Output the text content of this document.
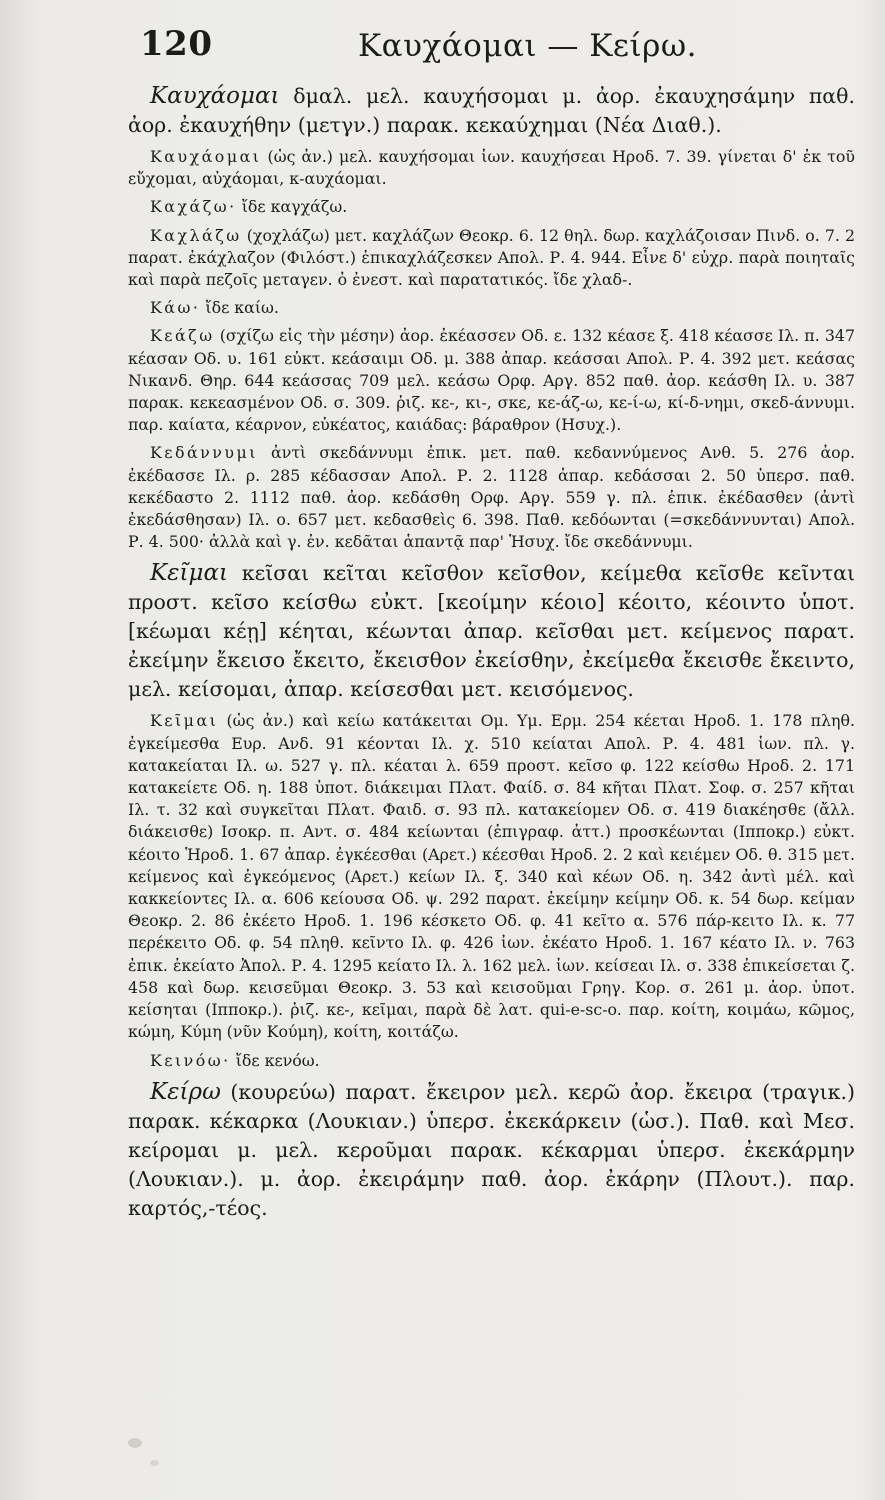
120	Καυχάομαι — Κείρω.

Καυχάομαι δμαλ. μελ. καυχήσομαι μ. ἀορ. ἐκαυχησάμην παθ. ἀορ. ἐκαυχήθην (μετγν.) παρακ. κεκαύχημαι (Νέα Διαθ.).

Καυχάομαι (ὡς ἀν.) μελ. καυχήσομαι ἰων. καυχήσεαι Ηροδ. 7. 39. γίνεται δ' ἐκ τοῦ εὔχομαι, αὐχάομαι, κ-αυχάομαι.

Καχάζω· ἴδε καγχάζω.

Καχλάζω (χοχλάζω) μετ. καχλάζων Θεοκρ. 6. 12 θηλ. δωρ. καχλάζοισαν Πινδ. ο. 7. 2 παρατ. ἐκάχλαζον (Φιλόστ.) ἐπικαχλάζεσκεν Απολ. Ρ. 4. 944. Εἶνε δ' εὐχρ. παρὰ ποιηταῖς καὶ παρὰ πεζοῖς μεταγεν. ὁ ἐνεστ. καὶ παρατατικός. ἴδε χλαδ-.

Κάω· ἴδε καίω.

Κεάζω (σχίζω εἰς τὴν μέσην) ἀορ. ἐκέασσεν Οδ. ε. 132 κέασε ξ. 418 κέασσε Ιλ. π. 347 κέασαν Οδ. υ. 161 εὐκτ. κεάσαιμι Οδ. μ. 388 ἀπαρ. κεάσσαι Απολ. Ρ. 4. 392 μετ. κεάσας Νικανδ. Θηρ. 644 κεάσσας 709 μελ. κεάσω Ορφ. Αργ. 852 παθ. ἀορ. κεάσθη Ιλ. υ. 387 παρακ. κεκεασμένον Οδ. σ. 309. ῥιζ. κε-, κι-, σκε, κε-άζ-ω, κε-ί-ω, κί-δ-νημι, σκεδ-άννυμι. παρ. καίατα, κέαρνον, εὐκέατος, καιάδας: βάραθρον (Ησυχ.).

Κεδάννυμι ἀντὶ σκεδάννυμι ἐπικ. μετ. παθ. κεδαννύμενος Ανθ. 5. 276 ἀορ. ἐκέδασσε Ιλ. ρ. 285 κέδασσαν Απολ. Ρ. 2. 1128 ἀπαρ. κεδάσσαι 2. 50 ὑπερσ. παθ. κεκέδαστο 2. 1112 παθ. ἀορ. κεδάσθη Ορφ. Αργ. 559 γ. πλ. ἐπικ. ἐκέδασθεν (ἀντὶ ἐκεδάσθησαν) Ιλ. ο. 657 μετ. κεδασθεὶς 6. 398. Παθ. κεδόωνται (=σκεδάννυνται) Απολ. Ρ. 4. 500· ἀλλὰ καὶ γ. ἐν. κεδᾶται ἁπαντᾷ παρ' Ἡσυχ. ἴδε σκεδάννυμι.

Κεῖμαι κεῖσαι κεῖται κεῖσθον κεῖσθον, κείμεθα κεῖσθε κεῖνται προστ. κεῖσο κείσθω εὐκτ. [κεοίμην κέοιο] κέοιτο, κέοιντο ὑποτ. [κέωμαι κέῃ] κέηται, κέωνται ἀπαρ. κεῖσθαι μετ. κείμενος παρατ. ἐκείμην ἔκεισο ἔκειτο, ἔκεισθον ἐκείσθην, ἐκείμεθα ἔκεισθε ἔκειντο, μελ. κείσομαι, ἀπαρ. κείσεσθαι μετ. κεισόμενος.

Κεῖμαι (ὡς ἀν.) καὶ κείω κατάκειται Ομ. Υμ. Ερμ. 254 κέεται Ηροδ. 1. 178 πληθ. ἐγκείμεσθα Ευρ. Ανδ. 91 κέονται Ιλ. χ. 510 κείαται Απολ. Ρ. 4. 481 ἰων. πλ. γ. κατακείαται Ιλ. ω. 527 γ. πλ. κέαται λ. 659 προστ. κεῖσο φ. 122 κείσθω Ηροδ. 2. 171 κατακείετε Οδ. η. 188 ὑποτ. διάκειμαι Πλατ. Φαίδ. σ. 84 κῆται Πλατ. Σοφ. σ. 257 κῆται Ιλ. τ. 32 καὶ συγκεῖται Πλατ. Φαιδ. σ. 93 πλ. κατακείομεν Οδ. σ. 419 διακέησθε (ἄλλ. διάκεισθε) Ισοκρ. π. Αντ. σ. 484 κείωνται (ἐπιγραφ. ἀττ.) προσκέωνται (Ιπποκρ.) εὐκτ. κέοιτο Ἡροδ. 1. 67 ἀπαρ. ἐγκέεσθαι (Αρετ.) κέεσθαι Ηροδ. 2. 2 καὶ κειέμεν Οδ. θ. 315 μετ. κείμενος καὶ ἐγκεόμενος (Αρετ.) κείων Ιλ. ξ. 340 καὶ κέων Οδ. η. 342 ἀντὶ μέλ. καὶ κακκείοντες Ιλ. α. 606 κείουσα Οδ. ψ. 292 παρατ. ἐκείμην κείμην Οδ. κ. 54 δωρ. κείμαν Θεοκρ. 2. 86 ἐκέετο Ηροδ. 1. 196 κέσκετο Οδ. φ. 41 κεῖτο α. 576 πάρ-κειτο Ιλ. κ. 77 περέκειτο Οδ. φ. 54 πληθ. κεῖντο Ιλ. φ. 426 ἰων. ἐκέατο Ηροδ. 1. 167 κέατο Ιλ. ν. 763 ἐπικ. ἐκείατο Ἀπολ. Ρ. 4. 1295 κείατο Ιλ. λ. 162 μελ. ἰων. κείσεαι Ιλ. σ. 338 ἐπικείσεται ζ. 458 καὶ δωρ. κεισεῦμαι Θεοκρ. 3. 53 καὶ κεισοῦμαι Γρηγ. Κορ. σ. 261 μ. ἀορ. ὑποτ. κείσηται (Ιπποκρ.). ῥιζ. κε-, κεῖμαι, παρὰ δὲ λατ. qui-e-sc-o. παρ. κοίτη, κοιμάω, κῶμος, κώμη, Κύμη (νῦν Κούμη), κοίτη, κοιτάζω.

Κεινόω· ἴδε κενόω.

Κείρω (κουρεύω) παρατ. ἔκειρον μελ. κερῶ ἀορ. ἔκειρα (τραγικ.) παρακ. κέκαρκα (Λουκιαν.) ὑπερσ. ἐκεκάρκειν (ὡσ.). Παθ. καὶ Μεσ. κείρομαι μ. μελ. κεροῦμαι παρακ. κέκαρμαι ὑπερσ. ἐκεκάρμην (Λουκιαν.). μ. ἀορ. ἐκειράμην παθ. ἀορ. ἐκάρην (Πλουτ.). παρ. καρτός,-τέος.
